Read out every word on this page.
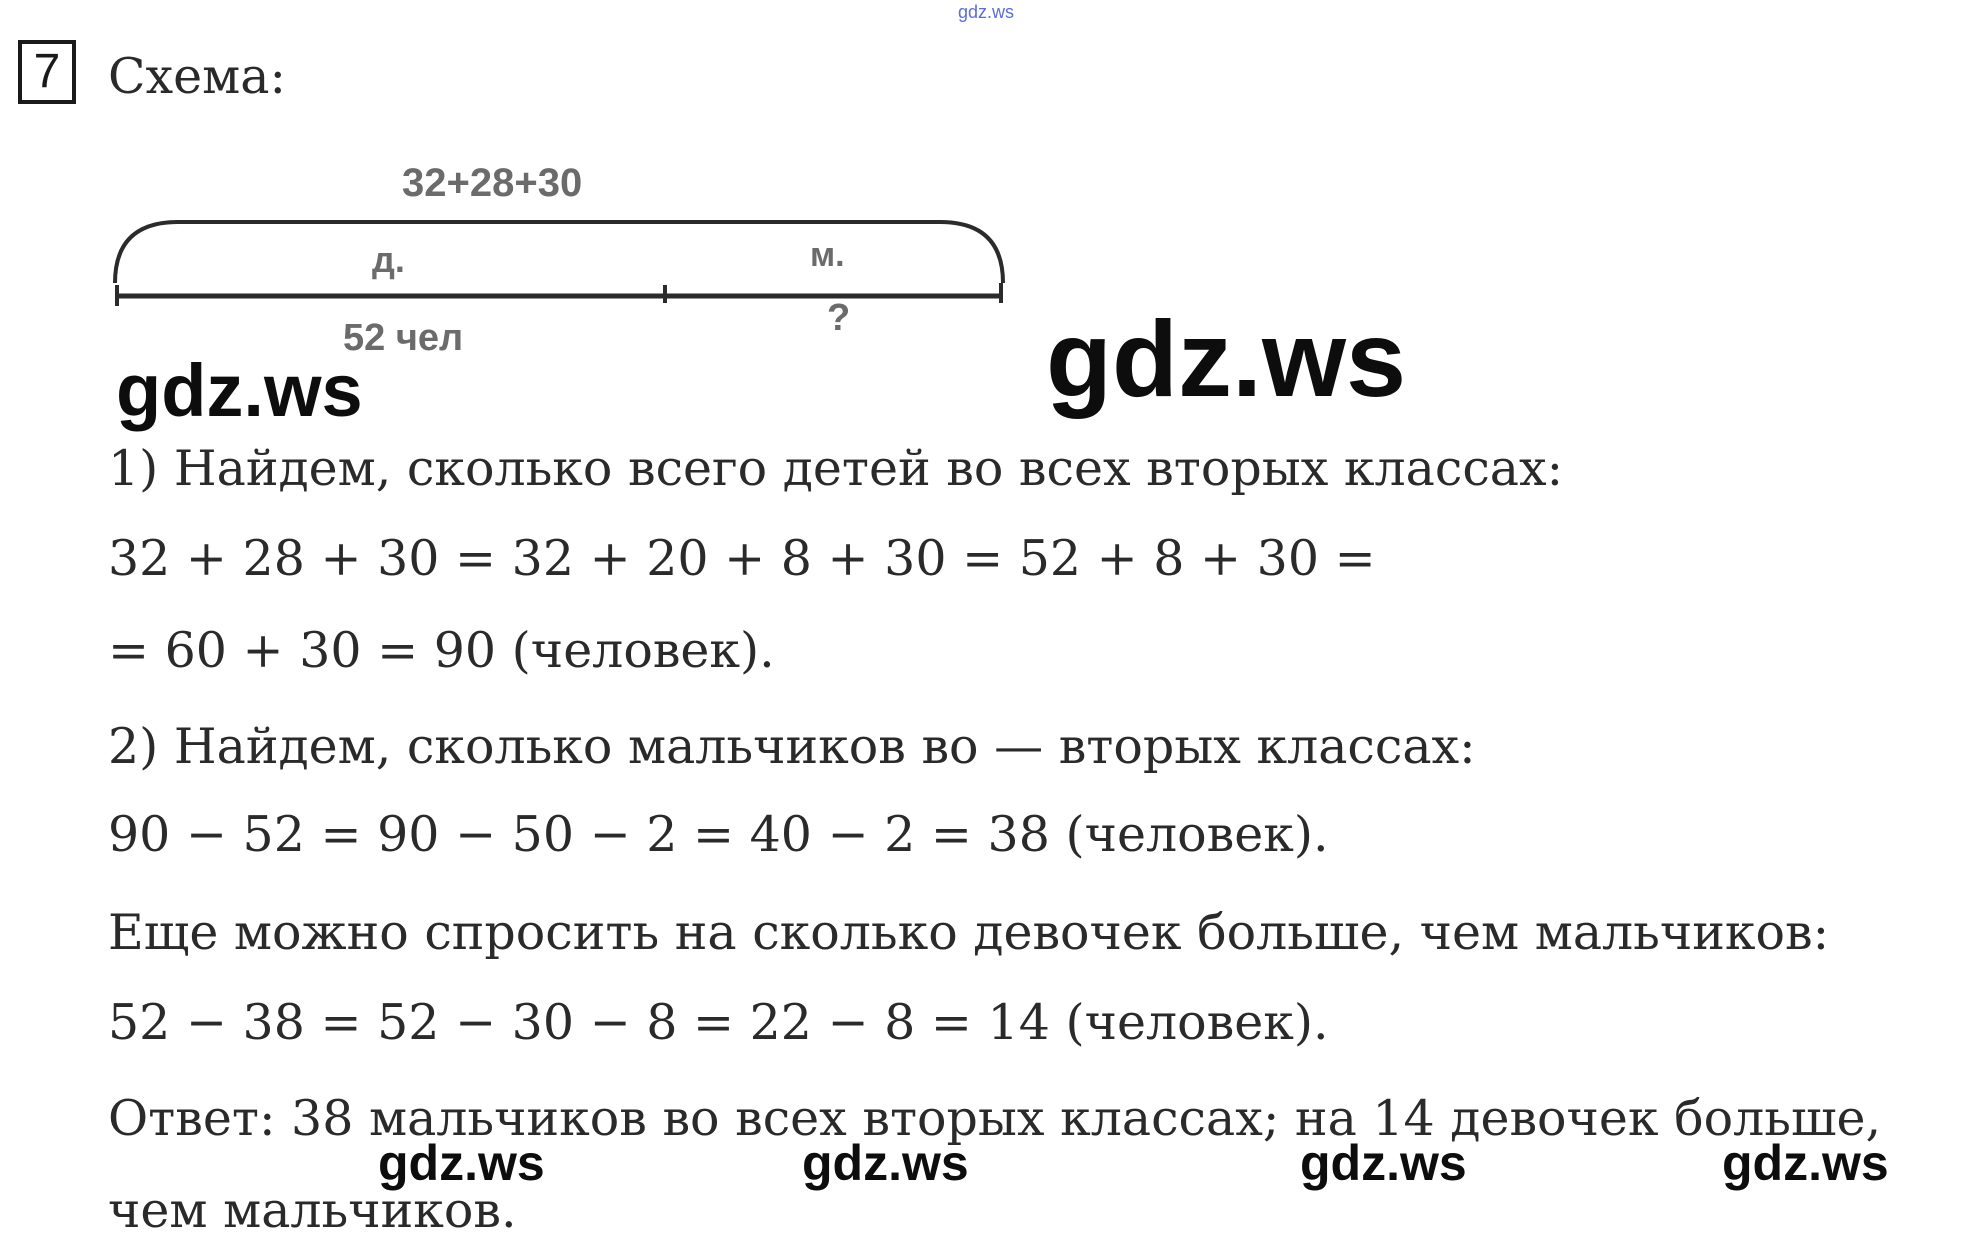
gdz.ws
7 Схема:
32+28+30
д.	м.
52 чел	?
gdz.ws	gdz.ws
1) Найдем, сколько всего детей во всех вторых классах:
32 + 28 + 30 = 32 + 20 + 8 + 30 = 52 + 8 + 30 =
= 60 + 30 = 90 (человек).
2) Найдем, сколько мальчиков во — вторых классах:
90 − 52 = 90 − 50 − 2 = 40 − 2 = 38 (человек).
Еще можно спросить на сколько девочек больше, чем мальчиков:
52 − 38 = 52 − 30 − 8 = 22 − 8 = 14 (человек).
Ответ: 38 мальчиков во всех вторых классах; на 14 девочек больше,
чем мальчиков.
gdz.ws	gdz.ws	gdz.ws	gdz.ws
